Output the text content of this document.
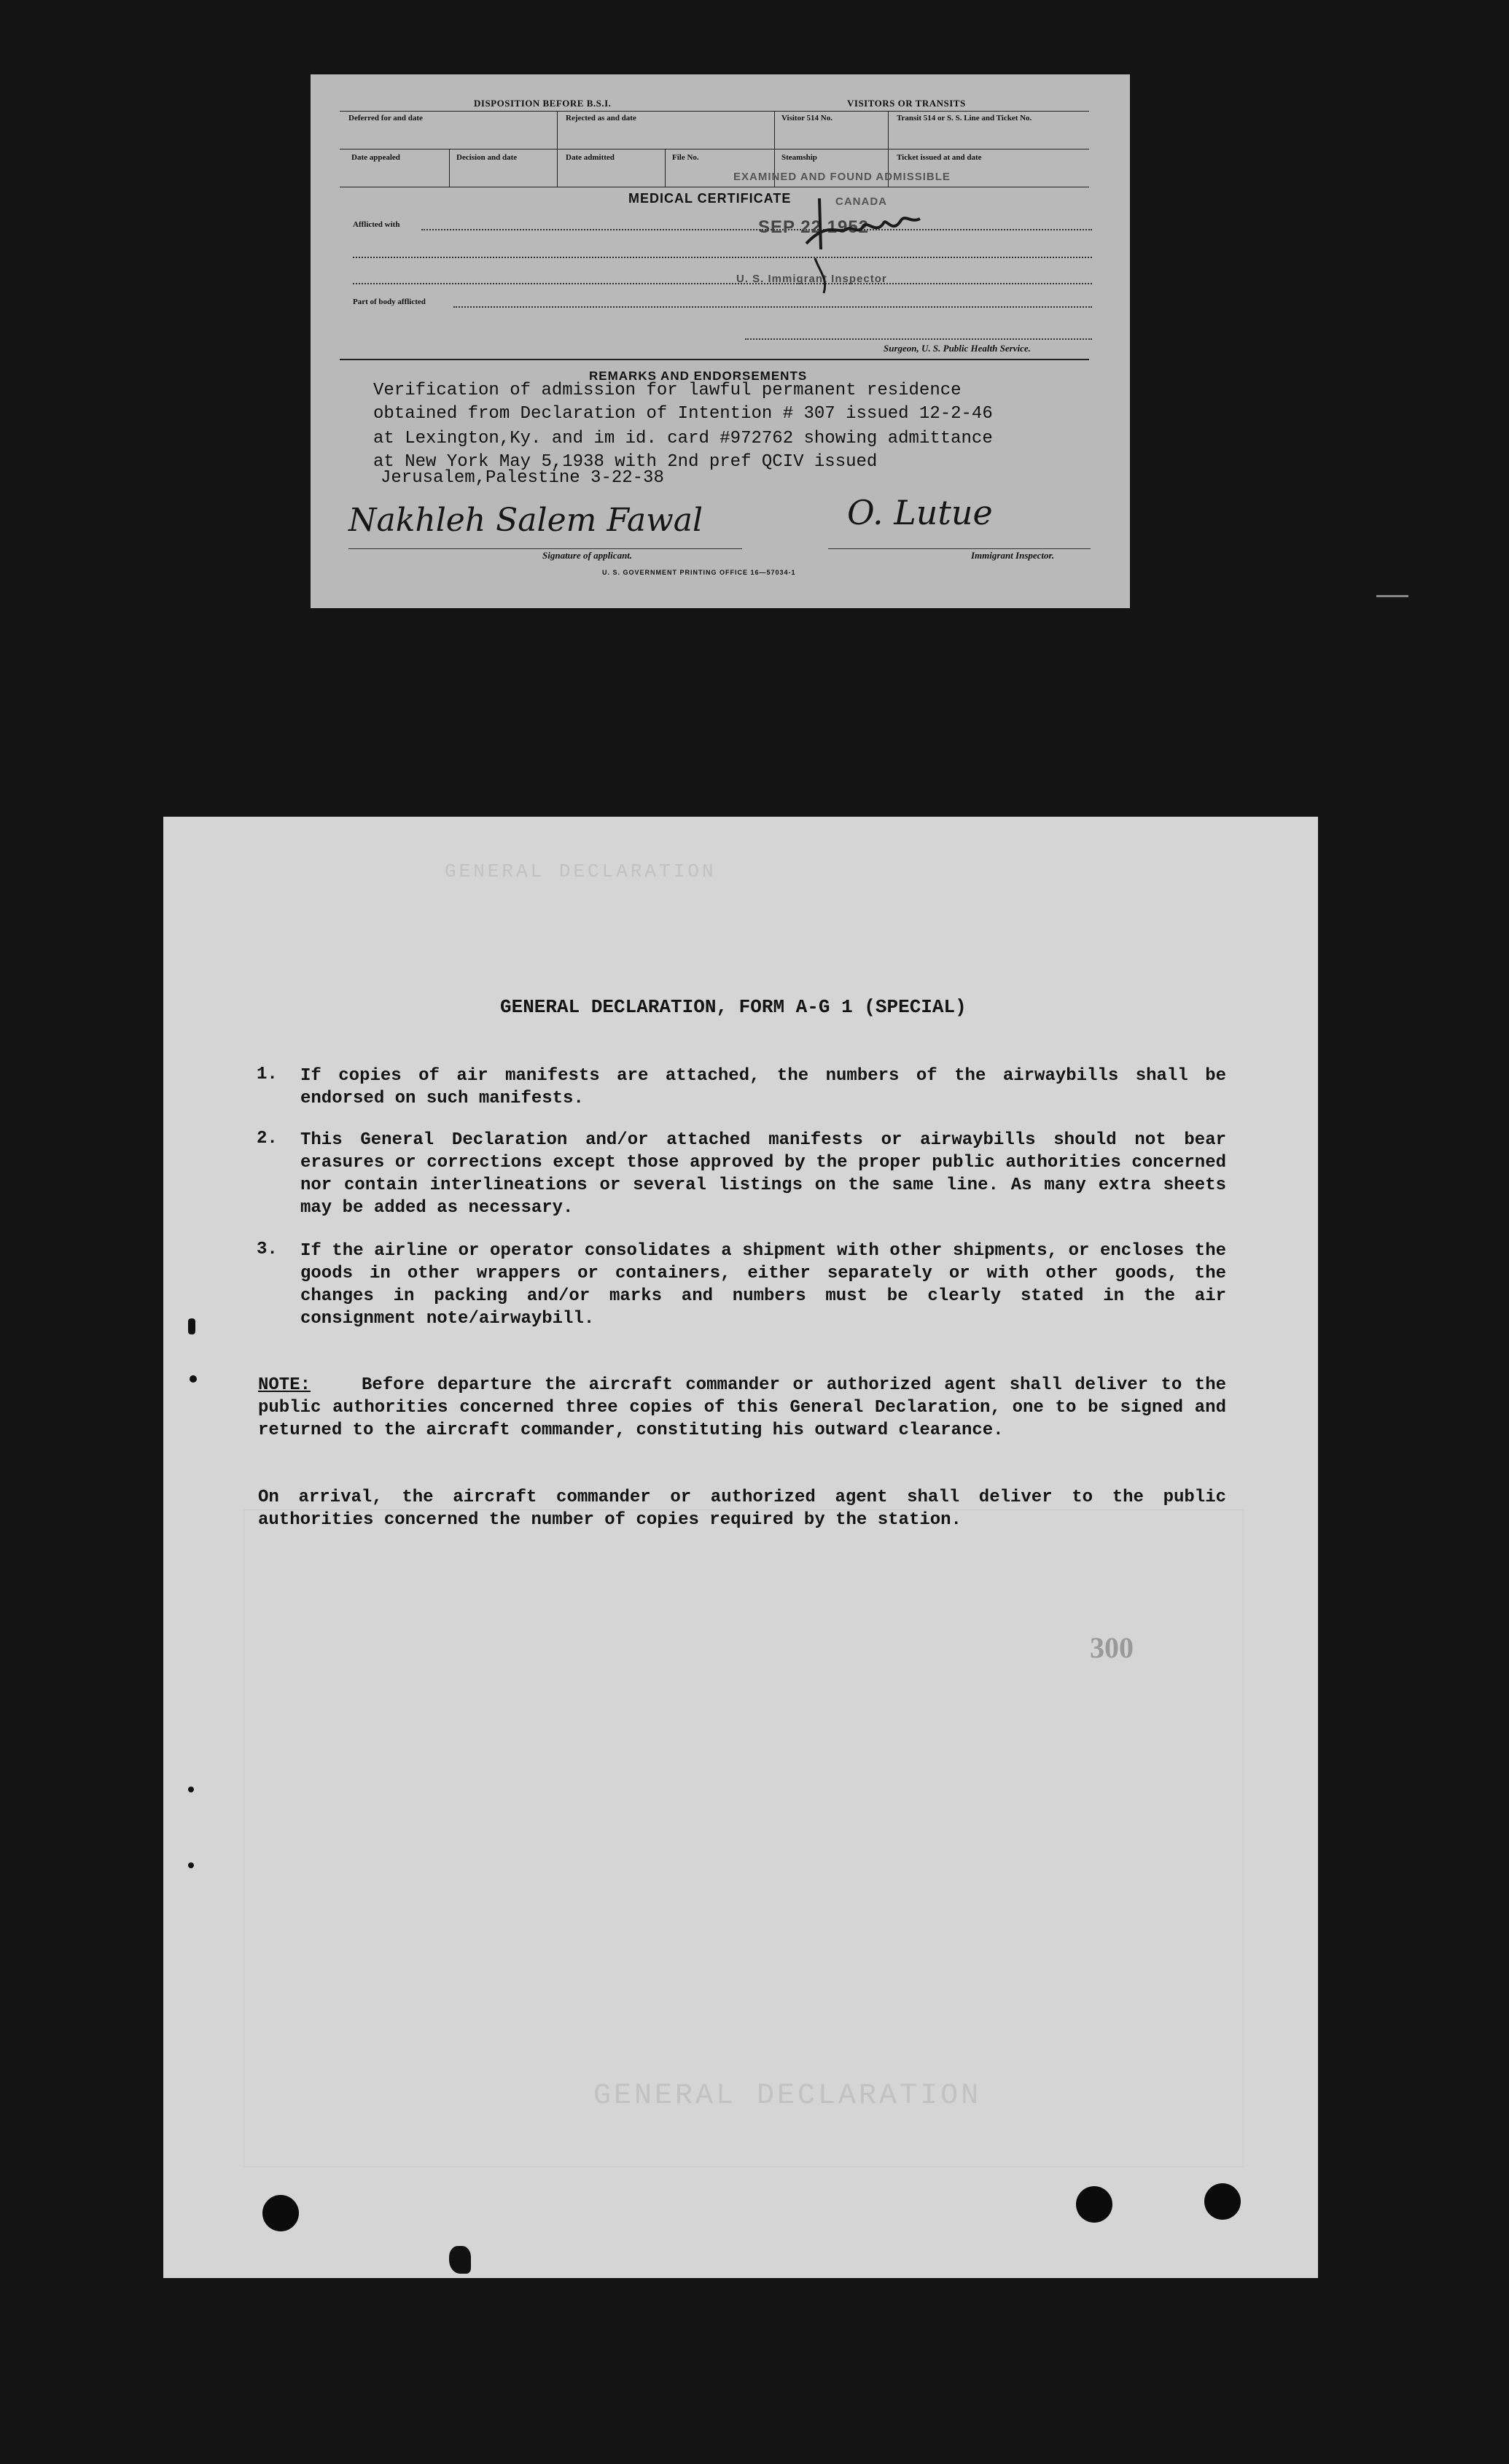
DISPOSITION BEFORE B.S.I.	VISITORS OR TRANSITS
Deferred for and date	Rejected as and date	Visitor 514 No.	Transit 514 or S. S. Line and Ticket No.
Date appealed	Decision and date	Date admitted	File No.	Steamship	Ticket issued at and date
MEDICAL CERTIFICATE
Afflicted with
Part of body afflicted
Surgeon, U. S. Public Health Service.
EXAMINED AND FOUND ADMISSIBLE
CANADA
SEP 22 1952
U. S. Immigrant Inspector
REMARKS AND ENDORSEMENTS
Verification of admission for lawful permanent residence
obtained from Declaration of Intention # 307 issued 12-2-46
at Lexington,Ky. and im id. card #972762 showing admittance
at New York May 5,1938 with 2nd pref QCIV issued
Jerusalem,Palestine 3-22-38
Nakhleh Salem Fawal
Signature of applicant.
O. Lutue
Immigrant Inspector.
U. S. GOVERNMENT PRINTING OFFICE 16—57034-1
GENERAL DECLARATION
GENERAL DECLARATION
GENERAL DECLARATION, FORM A-G 1 (SPECIAL)
1. If copies of air manifests are attached, the numbers of the airwaybills shall be endorsed on such manifests.
2. This General Declaration and/or attached manifests or airwaybills should not bear erasures or corrections except those approved by the proper public authorities concerned nor contain interlineations or several listings on the same line. As many extra sheets may be added as necessary.
3. If the airline or operator consolidates a shipment with other shipments, or encloses the goods in other wrappers or containers, either separately or with other goods, the changes in packing and/or marks and numbers must be clearly stated in the air consignment note/airwaybill.
NOTE:	Before departure the aircraft commander or authorized agent shall deliver to the public authorities concerned three copies of this General Declaration, one to be signed and returned to the aircraft commander, constituting his outward clearance.
On arrival, the aircraft commander or authorized agent shall deliver to the public authorities concerned the number of copies required by the station.
300
